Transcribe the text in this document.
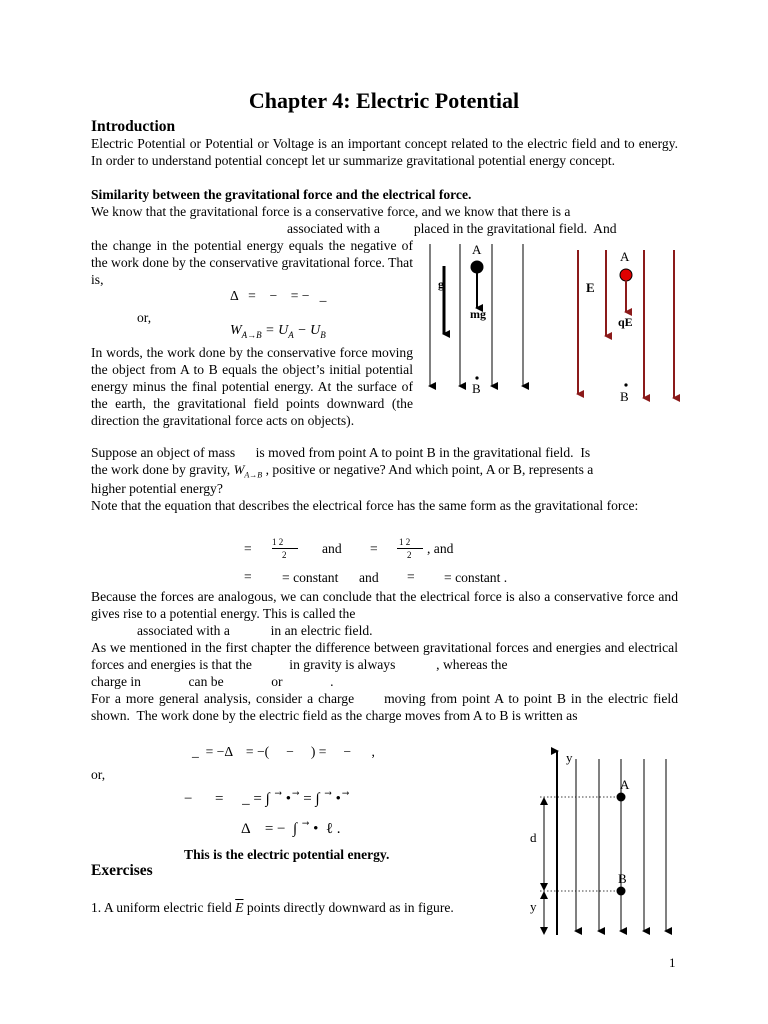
Chapter 4: Electric Potential
Introduction
Electric Potential or Potential or Voltage is an important concept related to the electric field and to energy. In order to understand potential concept let ur summarize gravitational potential energy concept.
Similarity between the gravitational force and the electrical force.
We know that the gravitational force is a conservative force, and we know that there is a
associated with a          placed in the gravitational field.  And
the change in the potential energy equals the negative of the work done by the conservative gravitational force. That is,
Δ   =    −    = −   _
or,
$W_{A\to B} = U_A - U_B$
In words, the work done by the conservative force moving the object from A to B equals the object’s initial potential energy minus the final potential energy. At the surface of the earth, the gravitational field points downward (the direction the gravitational force acts on objects).
Suppose an object of mass      is moved from point A to point B in the gravitational field.  Is
the work done by gravity, $W_{A\to B}$ , positive or negative? And which point, A or B, represents a
higher potential energy?
Note that the equation that describes the electrical force has the same form as the gravitational force:
= 1 2
2	and = 1 2
2 , and
= = constant and = = constant .
Because the forces are analogous, we can conclude that the electrical force is also a conservative force and gives rise to a potential energy. This is called the
associated with a            in an electric field.
As we mentioned in the first chapter the difference between gravitational forces and energies and electrical forces and energies is that the           in gravity is always            , whereas the
charge in              can be              or              .
For a more general analysis, consider a charge      moving from point A to point B in the electric field shown.  The work done by the electric field as the charge moves from A to B is written as
_  = −Δ    = −(     −     ) =     −      ,
or,
−      =     _ = ∫   ⃗ •  ⃗ = ∫   ⃗ •  ⃗
Δ    = −  ∫   ⃗ •  ℓ .
This is the electric potential energy.
Exercises
1. A uniform electric field $\overline{E}$ points directly downward as in figure.
1
A
g
mg
B
A
E
qE
B
y
A
B
d
y
